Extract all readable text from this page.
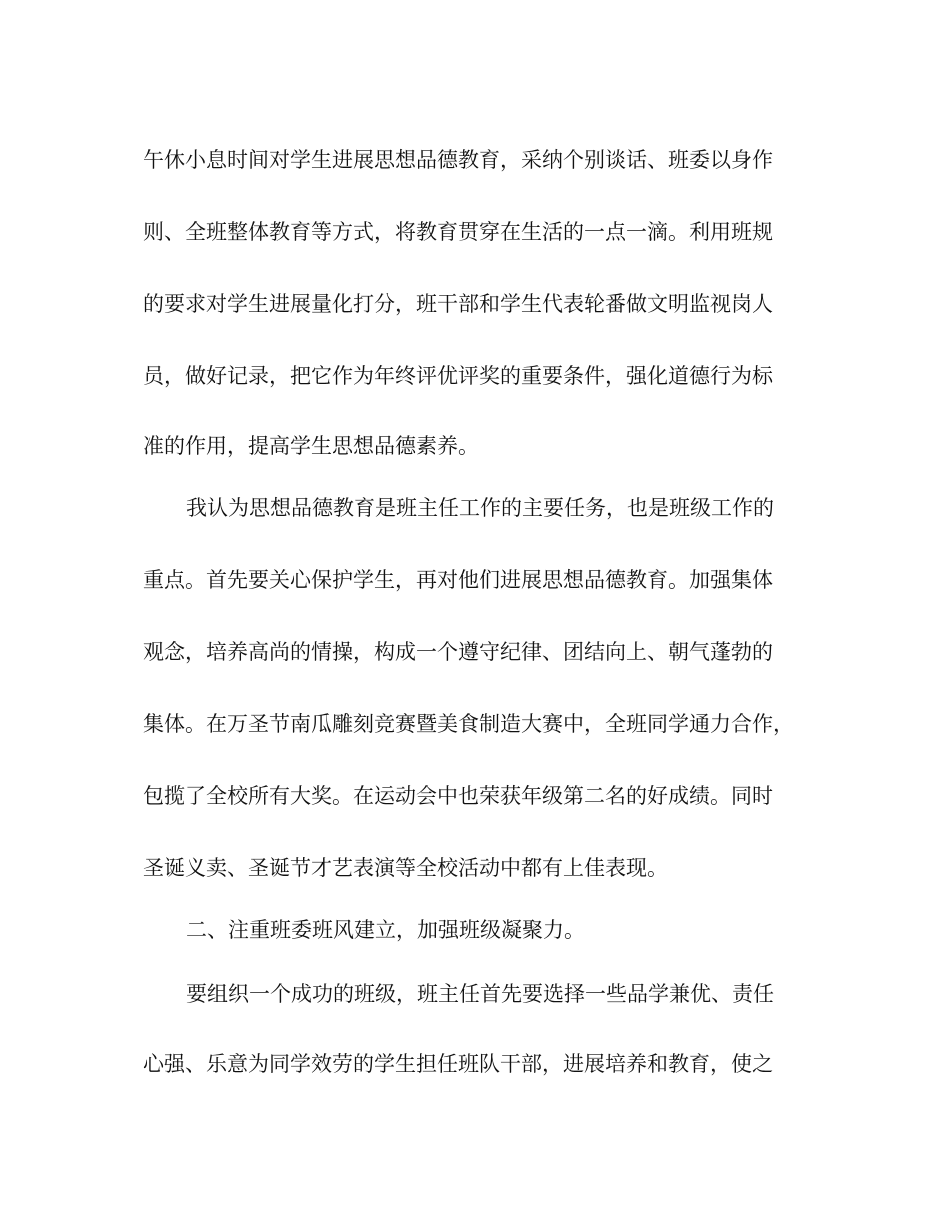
午休小息时间对学生进展思想品德教育，采纳个别谈话、班委以身作
则、全班整体教育等方式，将教育贯穿在生活的一点一滴。利用班规
的要求对学生进展量化打分，班干部和学生代表轮番做文明监视岗人
员，做好记录，把它作为年终评优评奖的重要条件，强化道德行为标
准的作用，提高学生思想品德素养。
我认为思想品德教育是班主任工作的主要任务，也是班级工作的
重点。首先要关心保护学生，再对他们进展思想品德教育。加强集体
观念，培养高尚的情操，构成一个遵守纪律、团结向上、朝气蓬勃的
集体。在万圣节南瓜雕刻竞赛暨美食制造大赛中，全班同学通力合作，
包揽了全校所有大奖。在运动会中也荣获年级第二名的好成绩。同时
圣诞义卖、圣诞节才艺表演等全校活动中都有上佳表现。
二、注重班委班风建立，加强班级凝聚力。
要组织一个成功的班级，班主任首先要选择一些品学兼优、责任
心强、乐意为同学效劳的学生担任班队干部，进展培养和教育，使之
